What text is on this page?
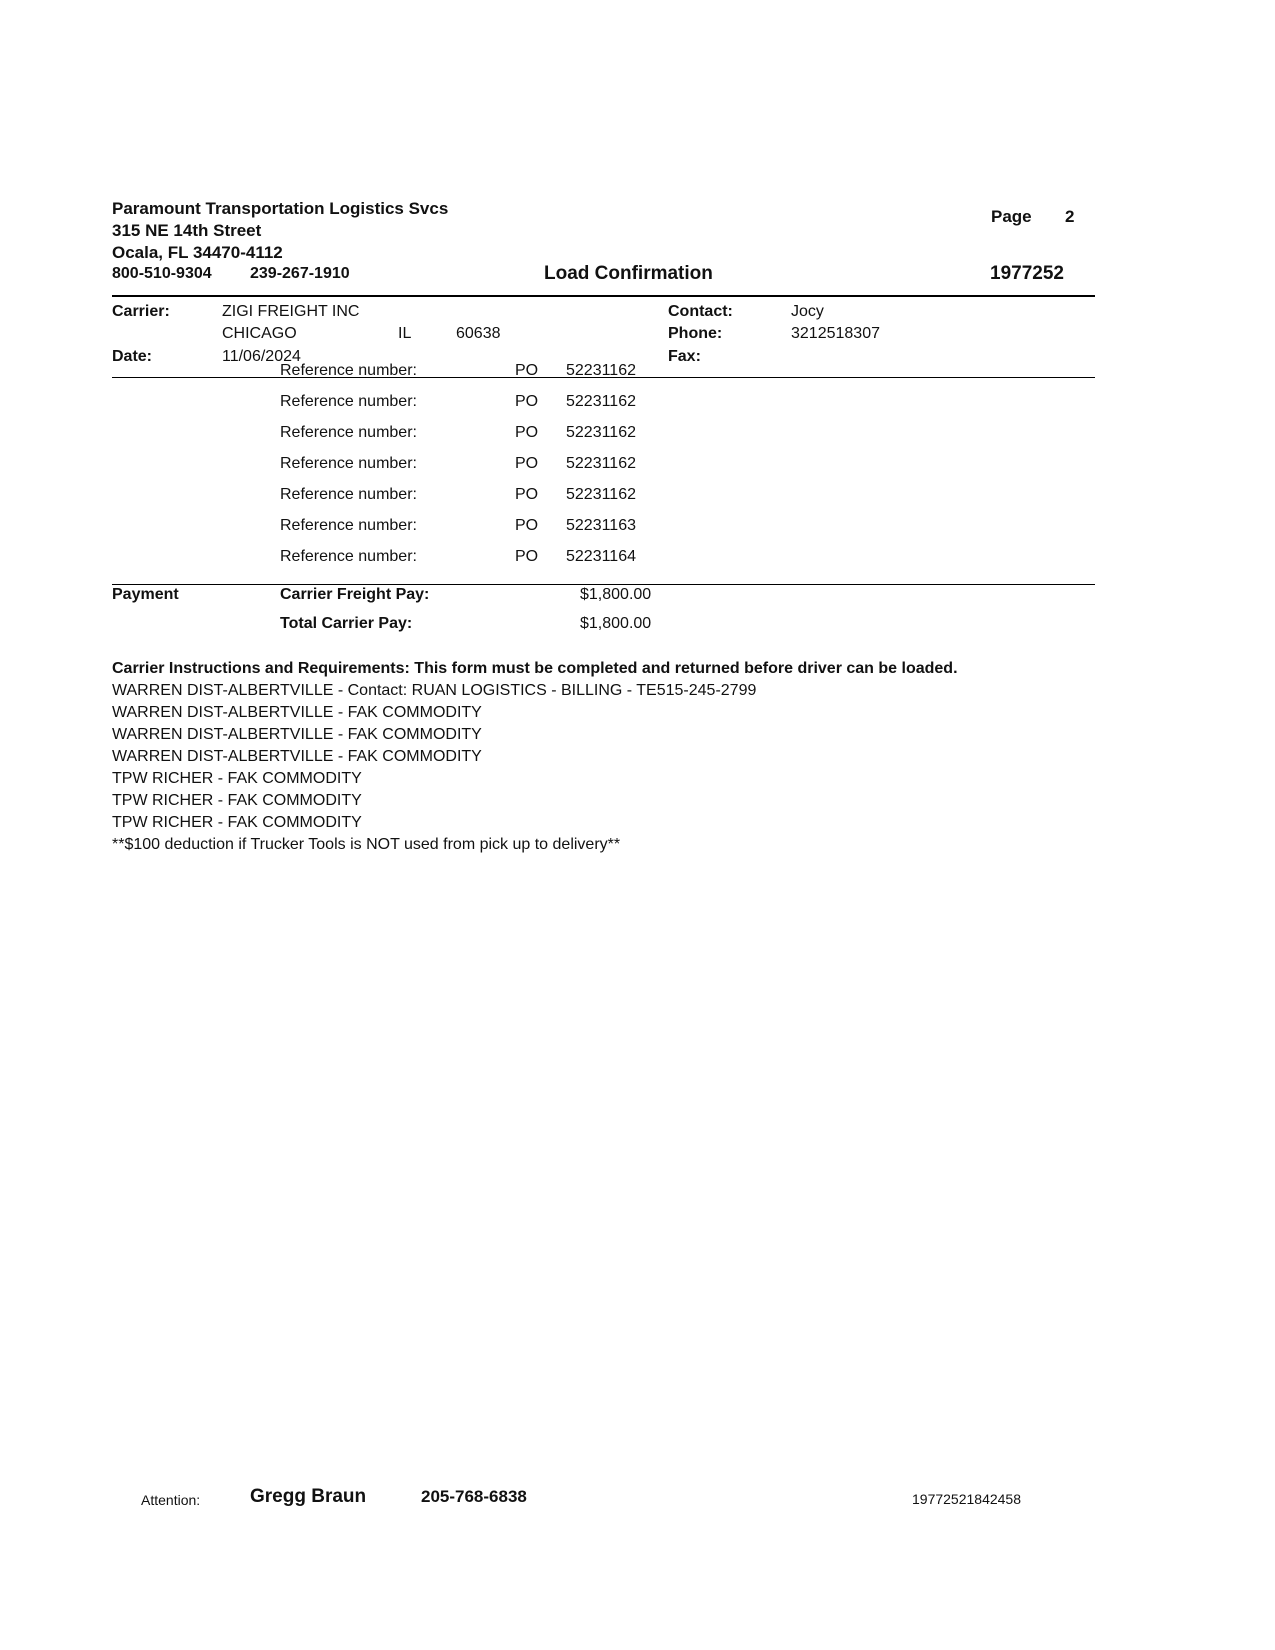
Paramount Transportation Logistics Svcs
315 NE 14th Street
Ocala, FL 34470-4112
800-510-9304 239-267-1910
Page 2
Load Confirmation	1977252
Carrier:	ZIGI FREIGHT INC
CHICAGO	IL	60638
Date:	11/06/2024
Contact:	Jocy
Phone:	3212518307
Fax:
Reference number:	PO 52231162
Reference number:	PO 52231162
Reference number:	PO 52231162
Reference number:	PO 52231162
Reference number:	PO 52231162
Reference number:	PO 52231163
Reference number:	PO 52231164
Payment	Carrier Freight Pay:	$1,800.00
Total Carrier Pay:	$1,800.00
Carrier Instructions and Requirements: This form must be completed and returned before driver can be loaded.
WARREN DIST-ALBERTVILLE - Contact: RUAN LOGISTICS - BILLING - TE515-245-2799
WARREN DIST-ALBERTVILLE - FAK COMMODITY
WARREN DIST-ALBERTVILLE - FAK COMMODITY
WARREN DIST-ALBERTVILLE - FAK COMMODITY
TPW RICHER - FAK COMMODITY
TPW RICHER - FAK COMMODITY
TPW RICHER - FAK COMMODITY
**$100 deduction if Trucker Tools is NOT used from pick up to delivery**
Attention:	Gregg Braun	205-768-6838	19772521842458
